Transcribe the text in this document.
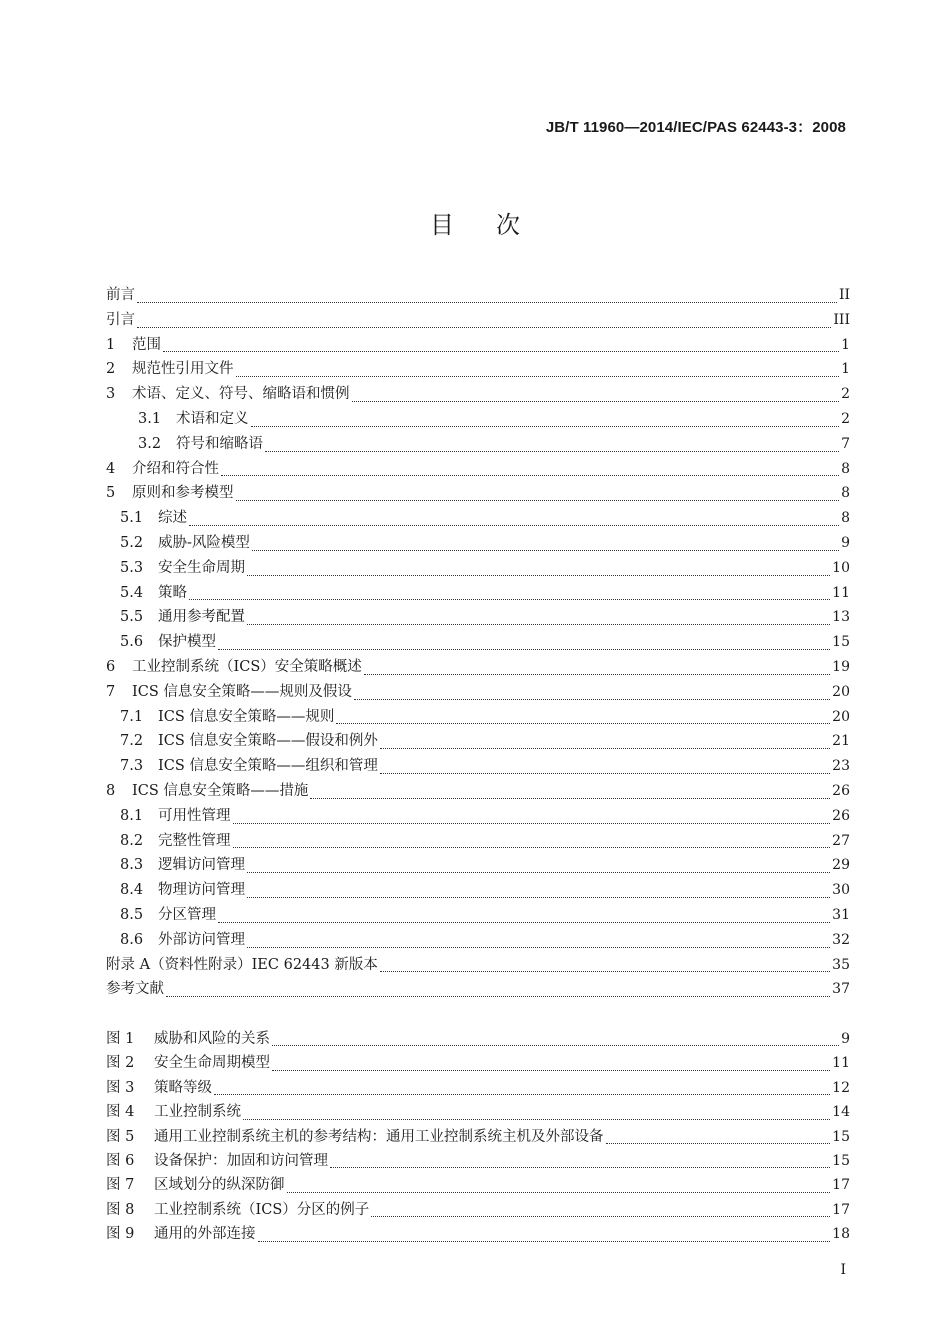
JB/T 11960—2014/IEC/PAS 62443-3：2008
目次
前言	II
引言	III
1	范围	1
2	规范性引用文件	1
3	术语、定义、符号、缩略语和惯例	2
3.1	术语和定义	2
3.2	符号和缩略语	7
4	介绍和符合性	8
5	原则和参考模型	8
5.1	综述	8
5.2	威胁-风险模型	9
5.3	安全生命周期	10
5.4	策略	11
5.5	通用参考配置	13
5.6	保护模型	15
6	工业控制系统（ICS）安全策略概述	19
7	ICS 信息安全策略——规则及假设	20
7.1	ICS 信息安全策略——规则	20
7.2	ICS 信息安全策略——假设和例外	21
7.3	ICS 信息安全策略——组织和管理	23
8	ICS 信息安全策略——措施	26
8.1	可用性管理	26
8.2	完整性管理	27
8.3	逻辑访问管理	29
8.4	物理访问管理	30
8.5	分区管理	31
8.6	外部访问管理	32
附录 A（资料性附录）IEC 62443 新版本	35
参考文献	37
图 1	威胁和风险的关系	9
图 2	安全生命周期模型	11
图 3	策略等级	12
图 4	工业控制系统	14
图 5	通用工业控制系统主机的参考结构：通用工业控制系统主机及外部设备	15
图 6	设备保护：加固和访问管理	15
图 7	区域划分的纵深防御	17
图 8	工业控制系统（ICS）分区的例子	17
图 9	通用的外部连接	18
I
